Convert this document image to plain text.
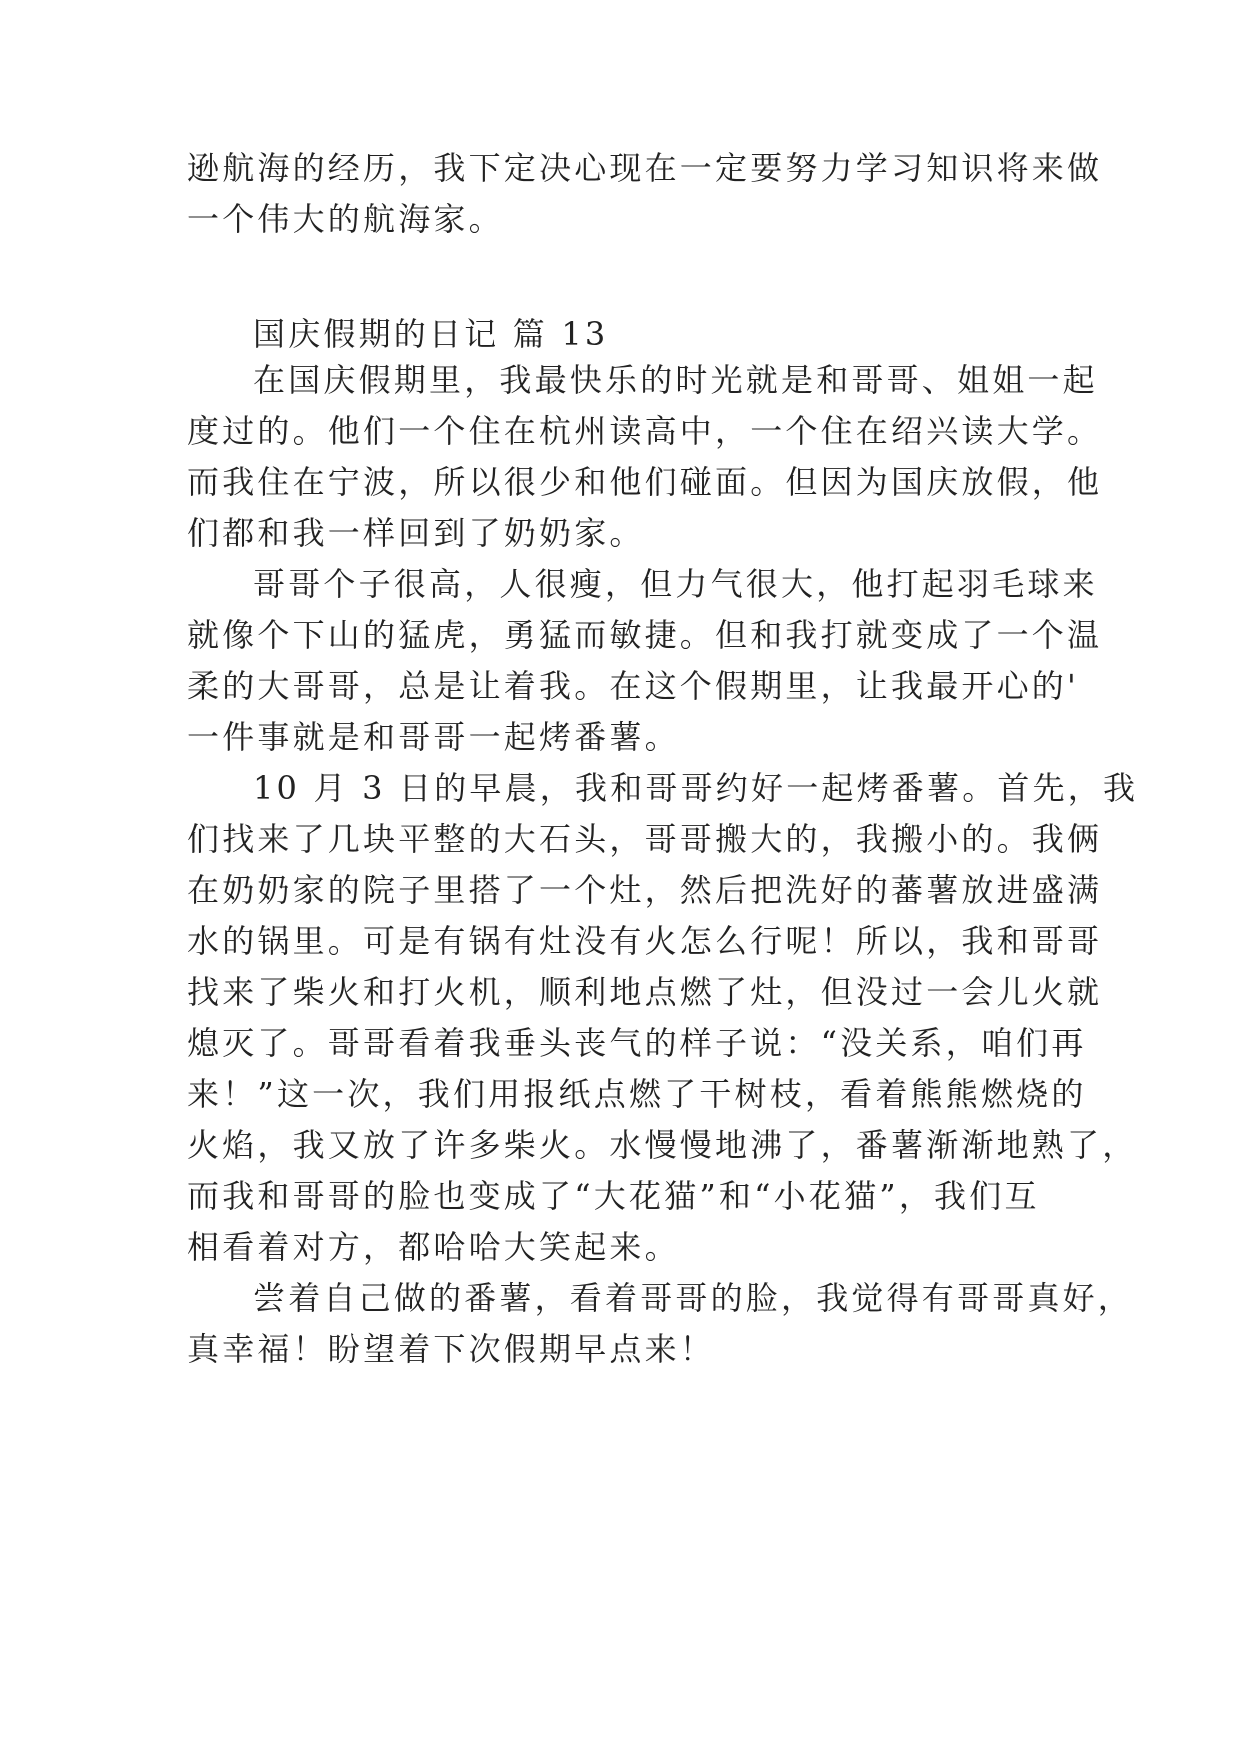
逊航海的经历，我下定决心现在一定要努力学习知识将来做
一个伟大的航海家。
国庆假期的日记 篇 13
在国庆假期里，我最快乐的时光就是和哥哥、姐姐一起
度过的。他们一个住在杭州读高中，一个住在绍兴读大学。
而我住在宁波，所以很少和他们碰面。但因为国庆放假，他
们都和我一样回到了奶奶家。
哥哥个子很高，人很瘦，但力气很大，他打起羽毛球来
就像个下山的猛虎，勇猛而敏捷。但和我打就变成了一个温
柔的大哥哥，总是让着我。在这个假期里，让我最开心的'
一件事就是和哥哥一起烤番薯。
10 月 3 日的早晨，我和哥哥约好一起烤番薯。首先，我
们找来了几块平整的大石头，哥哥搬大的，我搬小的。我俩
在奶奶家的院子里搭了一个灶，然后把洗好的蕃薯放进盛满
水的锅里。可是有锅有灶没有火怎么行呢！所以，我和哥哥
找来了柴火和打火机，顺利地点燃了灶，但没过一会儿火就
熄灭了。哥哥看着我垂头丧气的样子说：“没关系，咱们再
来！”这一次，我们用报纸点燃了干树枝，看着熊熊燃烧的
火焰，我又放了许多柴火。水慢慢地沸了，番薯渐渐地熟了，
而我和哥哥的脸也变成了“大花猫”和“小花猫”，我们互
相看着对方，都哈哈大笑起来。
尝着自己做的番薯，看着哥哥的脸，我觉得有哥哥真好，
真幸福！盼望着下次假期早点来！
